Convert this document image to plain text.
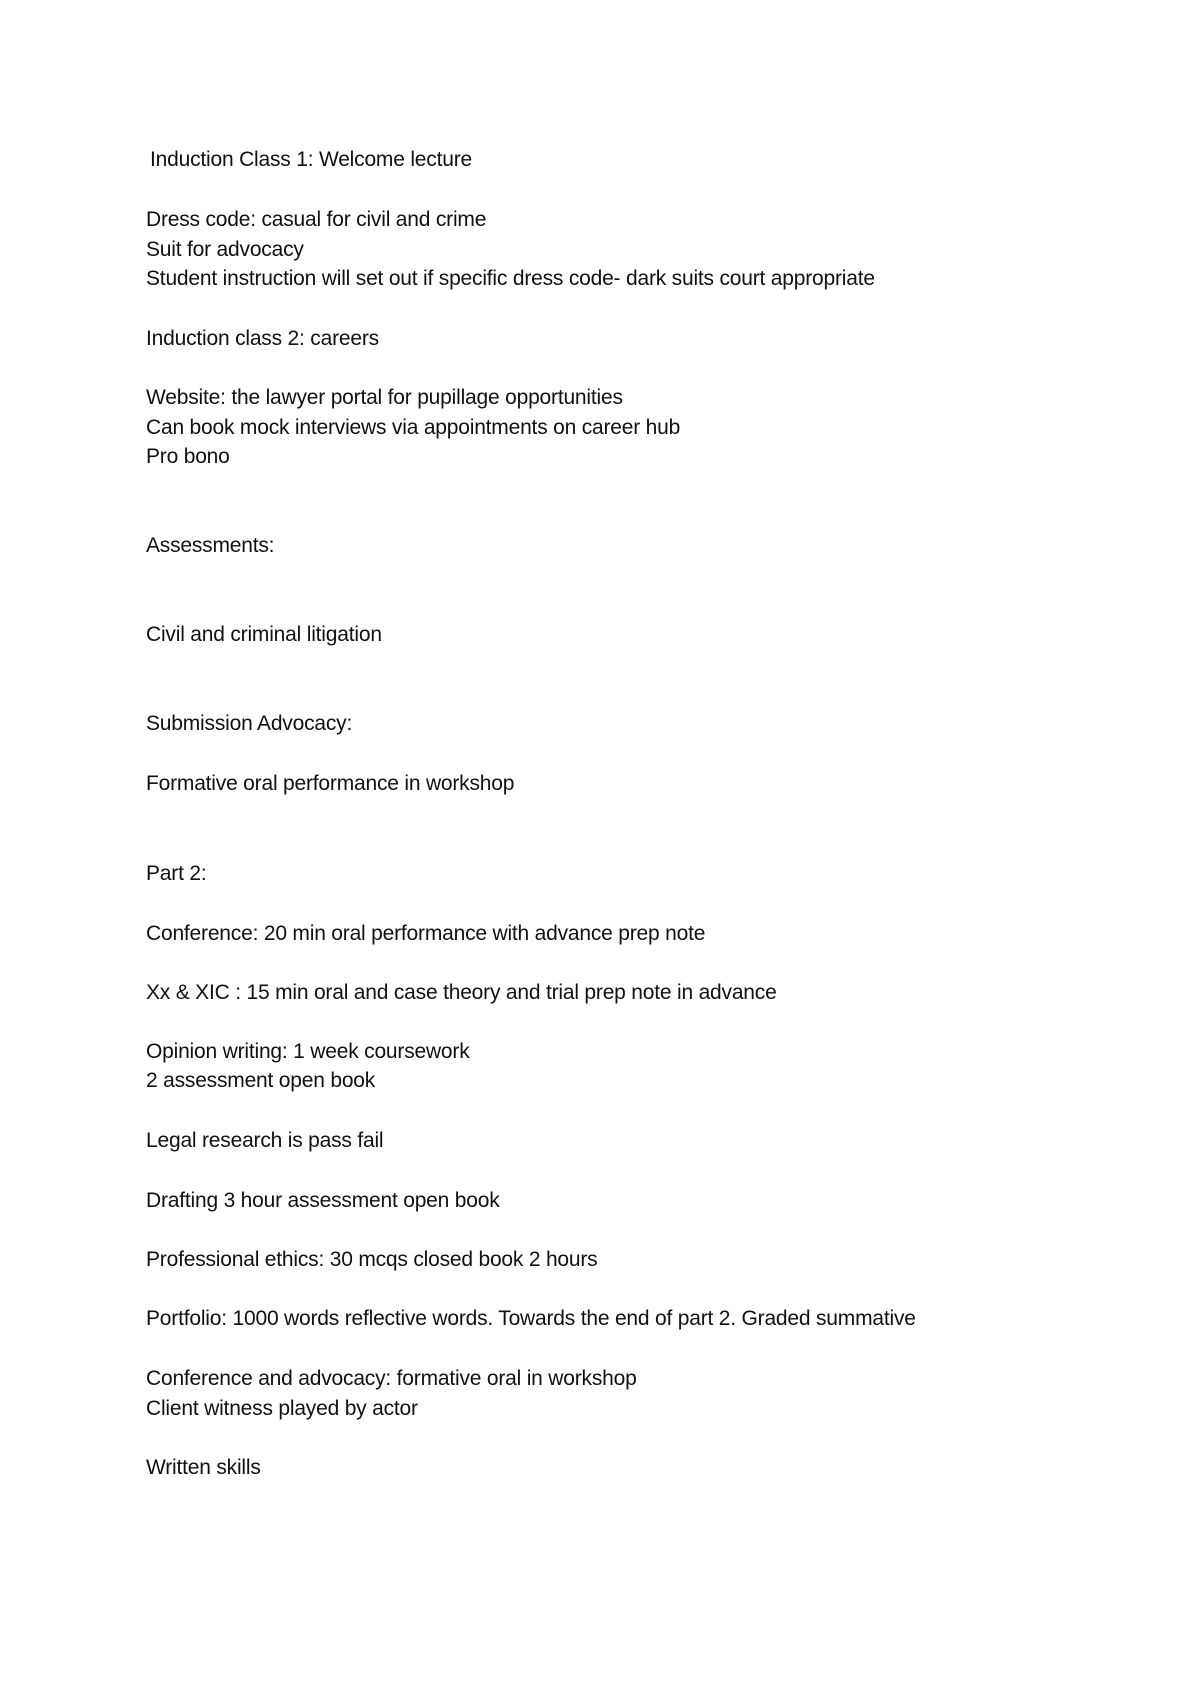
Induction Class 1: Welcome lecture
Dress code: casual for civil and crime
Suit for advocacy
Student instruction will set out if specific dress code- dark suits court appropriate
Induction class 2: careers
Website: the lawyer portal for pupillage opportunities
Can book mock interviews via appointments on career hub
Pro bono
Assessments:
Civil and criminal litigation
Submission Advocacy:
Formative oral performance in workshop
Part 2:
Conference: 20 min oral performance with advance prep note
Xx & XIC : 15 min oral and case theory and trial prep note in advance
Opinion writing: 1 week coursework
2 assessment open book
Legal research is pass fail
Drafting 3 hour assessment open book
Professional ethics: 30 mcqs closed book 2 hours
Portfolio: 1000 words reflective words. Towards the end of part 2. Graded summative
Conference and advocacy: formative oral in workshop
Client witness played by actor
Written skills
